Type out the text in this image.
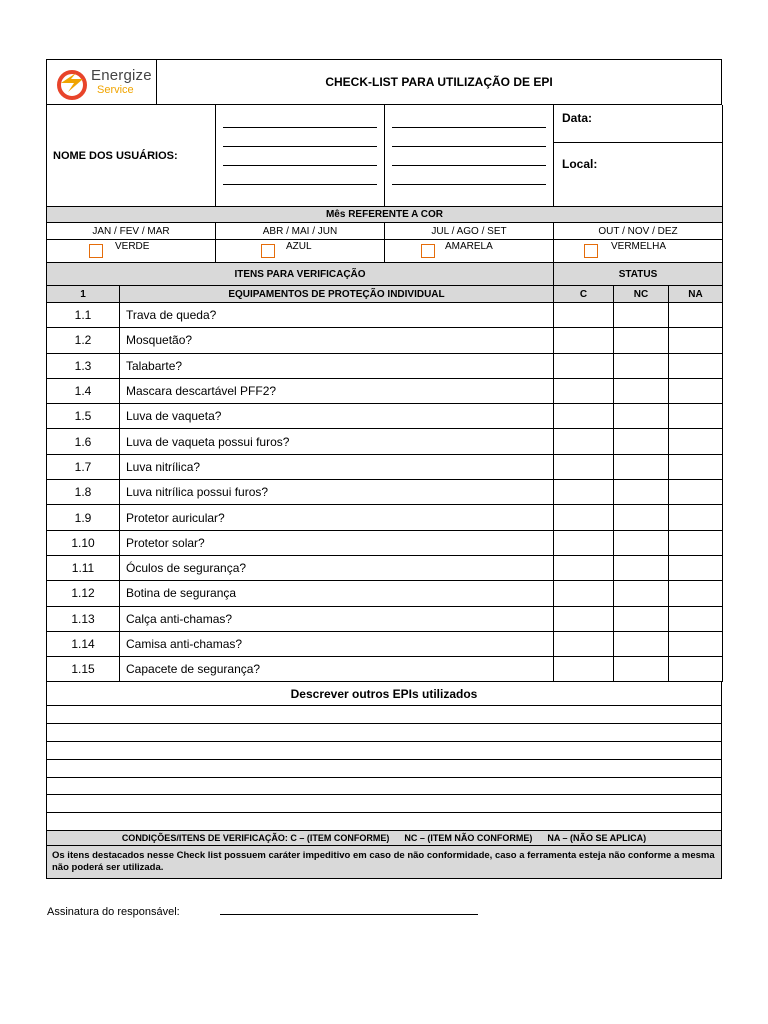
Energize
Service
	CHECK-LIST PARA UTILIZAÇÃO DE EPI
NOME DOS USUÁRIOS:	

Data:
Local:
Mês REFERENTE A COR			
JAN / FEV / MAR	ABR / MAI / JUN	JUL / AGO / SET	OUT / NOV / DEZ

VERDE	AZUL	AMARELA	VERMELHA
ITENS PARA VERIFICAÇÃO		STATUS		
1	EQUIPAMENTOS DE PROTEÇÃO INDIVIDUAL	C	NC	NA
1.1	Trava de queda?			
1.2	Mosquetão?			
1.3	Talabarte?			
1.4	Mascara descartável PFF2?			
1.5	Luva de vaqueta?			
1.6	Luva de vaqueta possui furos?			
1.7	Luva nitrílica?			
1.8	Luva nitrílica possui furos?			
1.9	Protetor auricular?			
1.10	Protetor solar?			
1.11	Óculos de segurança?			
1.12	Botina de segurança			
1.13	Calça anti-chamas?			
1.14	Camisa anti-chamas?			
1.15	Capacete de segurança?			
Descrever outros EPIs utilizados

CONDIÇÕES/ITENS DE VERIFICAÇÃO: C – (ITEM CONFORME)      NC – (ITEM NÃO CONFORME)      NA – (NÃO SE APLICA)
Os itens destacados nesse Check list possuem caráter impeditivo em caso de não conformidade, caso a ferramenta esteja não conforme a mesma não poderá ser utilizada.
Assinatura do responsável:
